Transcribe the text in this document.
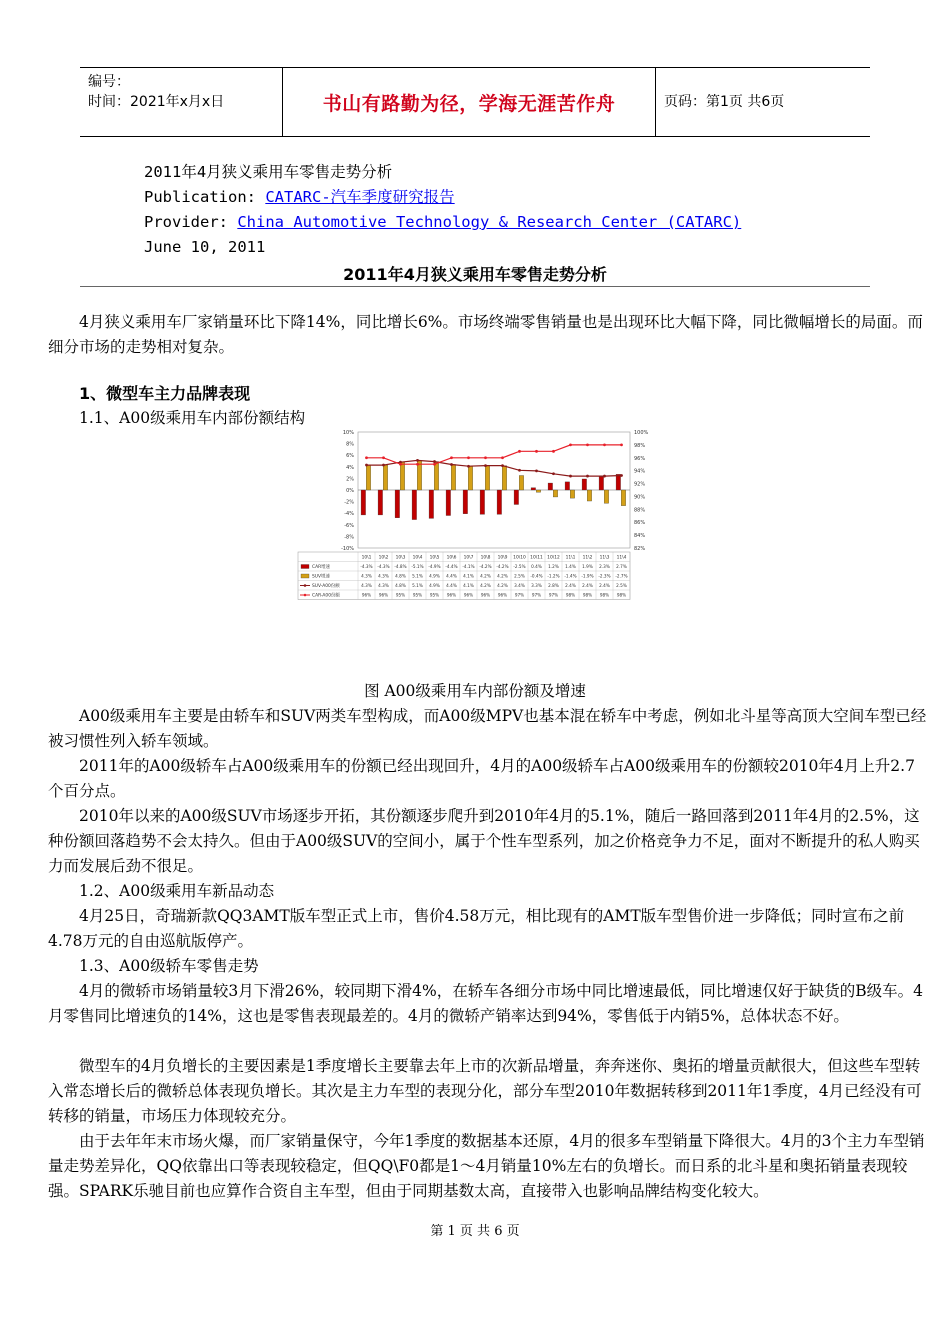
编号：
时间：2021年x月x日	书山有路勤为径，学海无涯苦作舟	页码：第1页 共6页
2011年4月狭义乘用车零售走势分析
Publication: CATARC-汽车季度研究报告
Provider: China Automotive Technology & Research Center (CATARC)
June 10, 2011
2011年4月狭义乘用车零售走势分析
4月狭义乘用车厂家销量环比下降14%，同比增长6%。市场终端零售销量也是出现环比大幅下降，同比微幅增长的局面。而细分市场的走势相对复杂。
1、微型车主力品牌表现
1.1、A00级乘用车内部份额结构
10%
8%
6%
4%
2%
0%
-2%
-4%
-6%
-8%
-10%
100%
98%
96%
94%
92%
90%
88%
86%
84%
82%
10\1 10\2 10\3 10\4 10\5 10\6 10\7 10\8 10\9 10\10 10\11 10\12 11\1 11\2 11\3 11\4
CAR增速	-4.3% -4.3% -4.8% -5.1% -4.9% -4.4% -4.1% -4.2% -4.2% -2.5% 0.4% 1.2% 1.4% 1.9% 2.3% 2.7%
SUV增速	4.3% 4.3% 4.8% 5.1% 4.9% 4.4% 4.1% 4.2% 4.2% 2.5% -0.4% -1.2% -1.4% -1.9% -2.3% -2.7%
SUV-A00份额	4.3% 4.3% 4.8% 5.1% 4.9% 4.4% 4.1% 4.2% 4.2% 3.4% 3.3% 2.8% 2.4% 2.4% 2.4% 2.5%
CAR-A00份额	96% 96% 95% 95% 95% 96% 96% 96% 96% 97% 97% 97% 98% 98% 98% 98%
图 A00级乘用车内部份额及增速
A00级乘用车主要是由轿车和SUV两类车型构成，而A00级MPV也基本混在轿车中考虑，例如北斗星等高顶大空间车型已经被习惯性列入轿车领域。
2011年的A00级轿车占A00级乘用车的份额已经出现回升，4月的A00级轿车占A00级乘用车的份额较2010年4月上升2.7个百分点。
2010年以来的A00级SUV市场逐步开拓，其份额逐步爬升到2010年4月的5.1%，随后一路回落到2011年4月的2.5%，这种份额回落趋势不会太持久。但由于A00级SUV的空间小，属于个性车型系列，加之价格竞争力不足，面对不断提升的私人购买力而发展后劲不很足。
1.2、A00级乘用车新品动态
4月25日，奇瑞新款QQ3AMT版车型正式上市，售价4.58万元，相比现有的AMT版车型售价进一步降低；同时宣布之前4.78万元的自由巡航版停产。
1.3、A00级轿车零售走势
4月的微轿市场销量较3月下滑26%，较同期下滑4%，在轿车各细分市场中同比增速最低，同比增速仅好于缺货的B级车。4月零售同比增速负的14%，这也是零售表现最差的。4月的微轿产销率达到94%，零售低于内销5%，总体状态不好。
微型车的4月负增长的主要因素是1季度增长主要靠去年上市的次新品增量，奔奔迷你、奥拓的增量贡献很大，但这些车型转入常态增长后的微轿总体表现负增长。其次是主力车型的表现分化，部分车型2010年数据转移到2011年1季度，4月已经没有可转移的销量，市场压力体现较充分。
由于去年年末市场火爆，而厂家销量保守，今年1季度的数据基本还原，4月的很多车型销量下降很大。4月的3个主力车型销量走势差异化，QQ依靠出口等表现较稳定，但QQ\F0都是1～4月销量10%左右的负增长。而日系的北斗星和奥拓销量表现较强。SPARK乐驰目前也应算作合资自主车型，但由于同期基数太高，直接带入也影响品牌结构变化较大。
第 1 页 共 6 页
